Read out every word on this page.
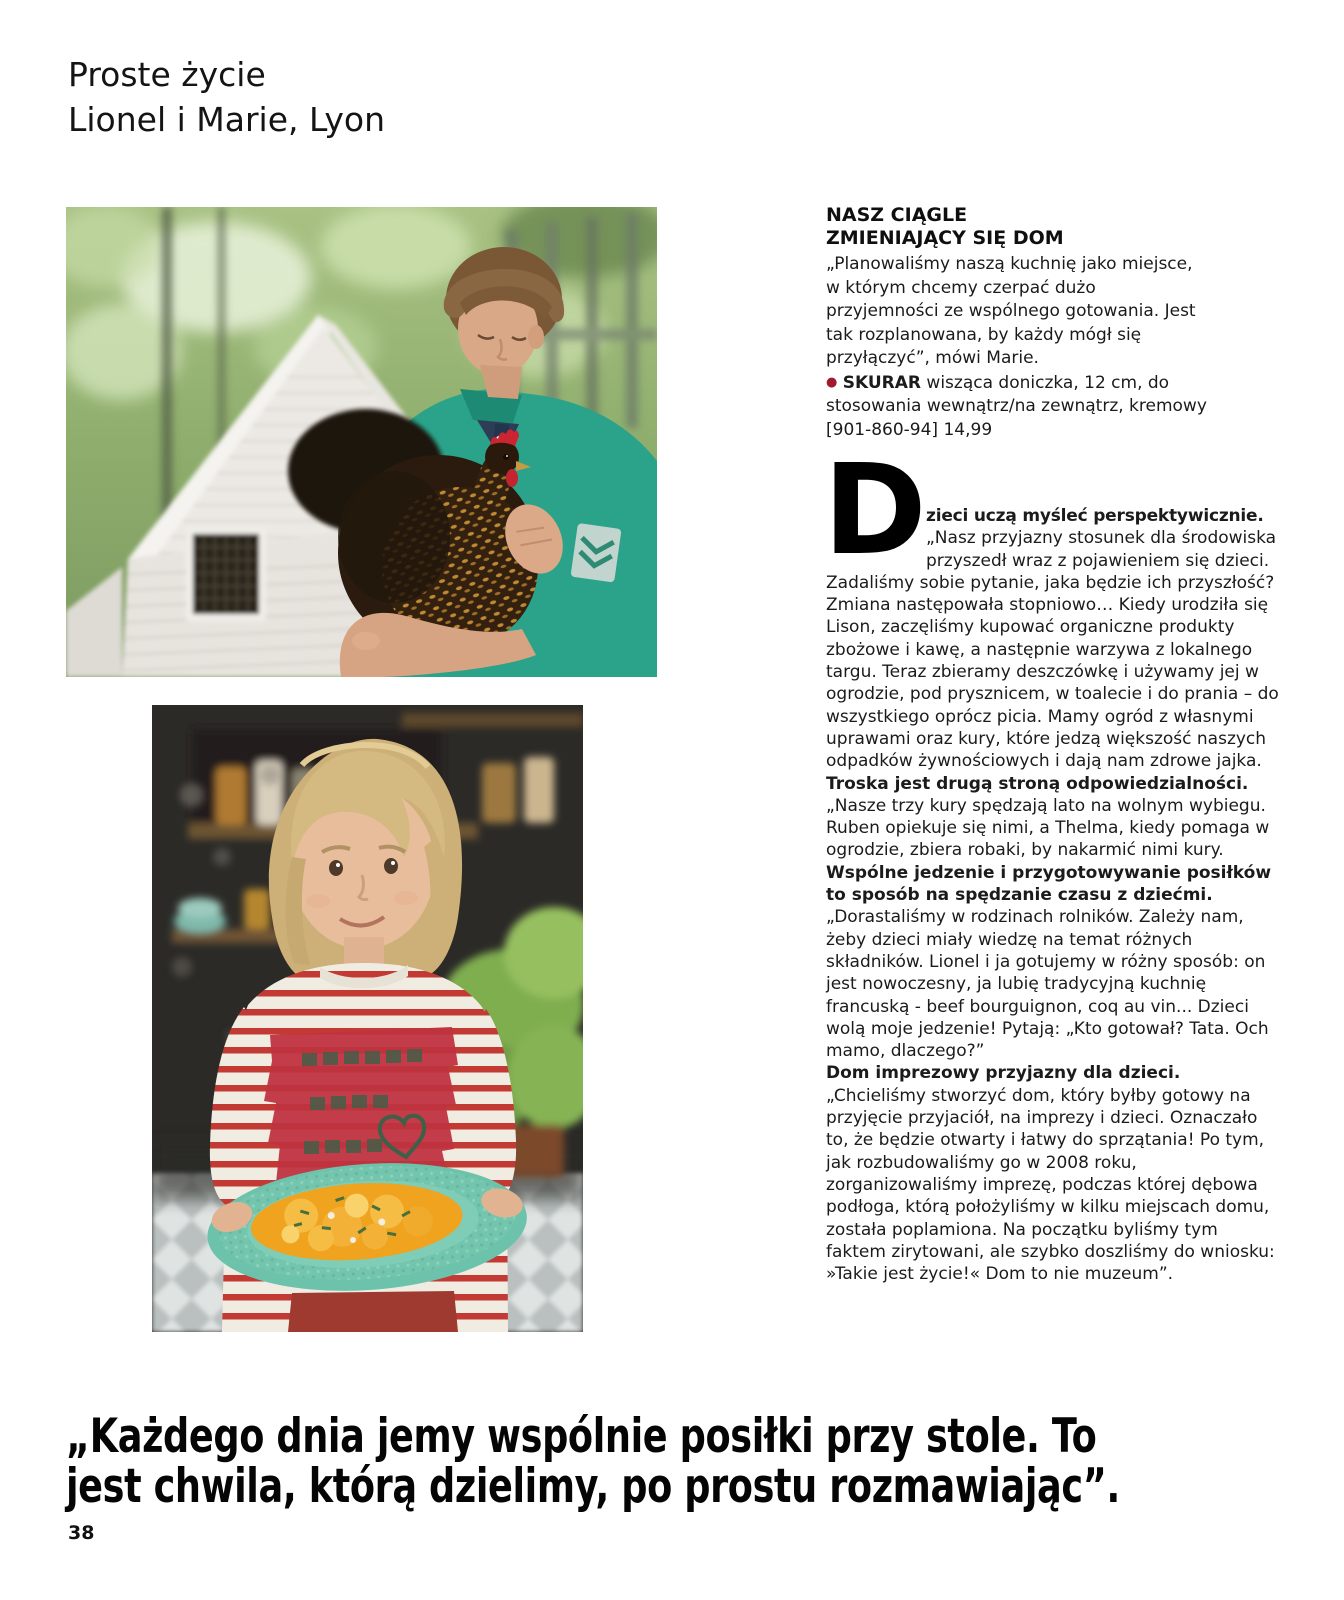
Proste życie
Lionel i Marie, Lyon
NASZ CIĄGLE
ZMIENIAJĄCY SIĘ DOM
„Planowaliśmy naszą kuchnię jako miejsce, w którym chcemy czerpać dużo przyjemności ze wspólnego gotowania. Jest tak rozplanowana, by każdy mógł się przyłączyć”, mówi Marie.
● SKURAR wisząca doniczka, 12 cm, do stosowania wewnątrz/na zewnątrz, kremowy [901-860-94] 14,99
D zieci uczą myśleć perspektywicznie.
„Nasz przyjazny stosunek dla środowiska przyszedł wraz z pojawieniem się dzieci. Zadaliśmy sobie pytanie, jaka będzie ich przyszłość? Zmiana następowała stopniowo… Kiedy urodziła się Lison, zaczęliśmy kupować organiczne produkty zbożowe i kawę, a następnie warzywa z lokalnego targu. Teraz zbieramy deszczówkę i używamy jej w ogrodzie, pod prysznicem, w toalecie i do prania – do wszystkiego oprócz picia. Mamy ogród z własnymi uprawami oraz kury, które jedzą większość naszych odpadków żywnościowych i dają nam zdrowe jajka.
Troska jest drugą stroną odpowiedzialności.
„Nasze trzy kury spędzają lato na wolnym wybiegu. Ruben opiekuje się nimi, a Thelma, kiedy pomaga w ogrodzie, zbiera robaki, by nakarmić nimi kury.
Wspólne jedzenie i przygotowywanie posiłków to sposób na spędzanie czasu z dziećmi.
„Dorastaliśmy w rodzinach rolników. Zależy nam, żeby dzieci miały wiedzę na temat różnych składników. Lionel i ja gotujemy w różny sposób: on jest nowoczesny, ja lubię tradycyjną kuchnię francuską - beef bourguignon, coq au vin... Dzieci wolą moje jedzenie! Pytają: „Kto gotował? Tata. Och mamo, dlaczego?”
Dom imprezowy przyjazny dla dzieci.
„Chcieliśmy stworzyć dom, który byłby gotowy na przyjęcie przyjaciół, na imprezy i dzieci. Oznaczało to, że będzie otwarty i łatwy do sprzątania! Po tym, jak rozbudowaliśmy go w 2008 roku, zorganizowaliśmy imprezę, podczas której dębowa podłoga, którą położyliśmy w kilku miejscach domu, została poplamiona. Na początku byliśmy tym faktem zirytowani, ale szybko doszliśmy do wniosku: »Takie jest życie!« Dom to nie muzeum”.
„Każdego dnia jemy wspólnie posiłki przy stole. To
jest chwila, którą dzielimy, po prostu rozmawiając”.
38
